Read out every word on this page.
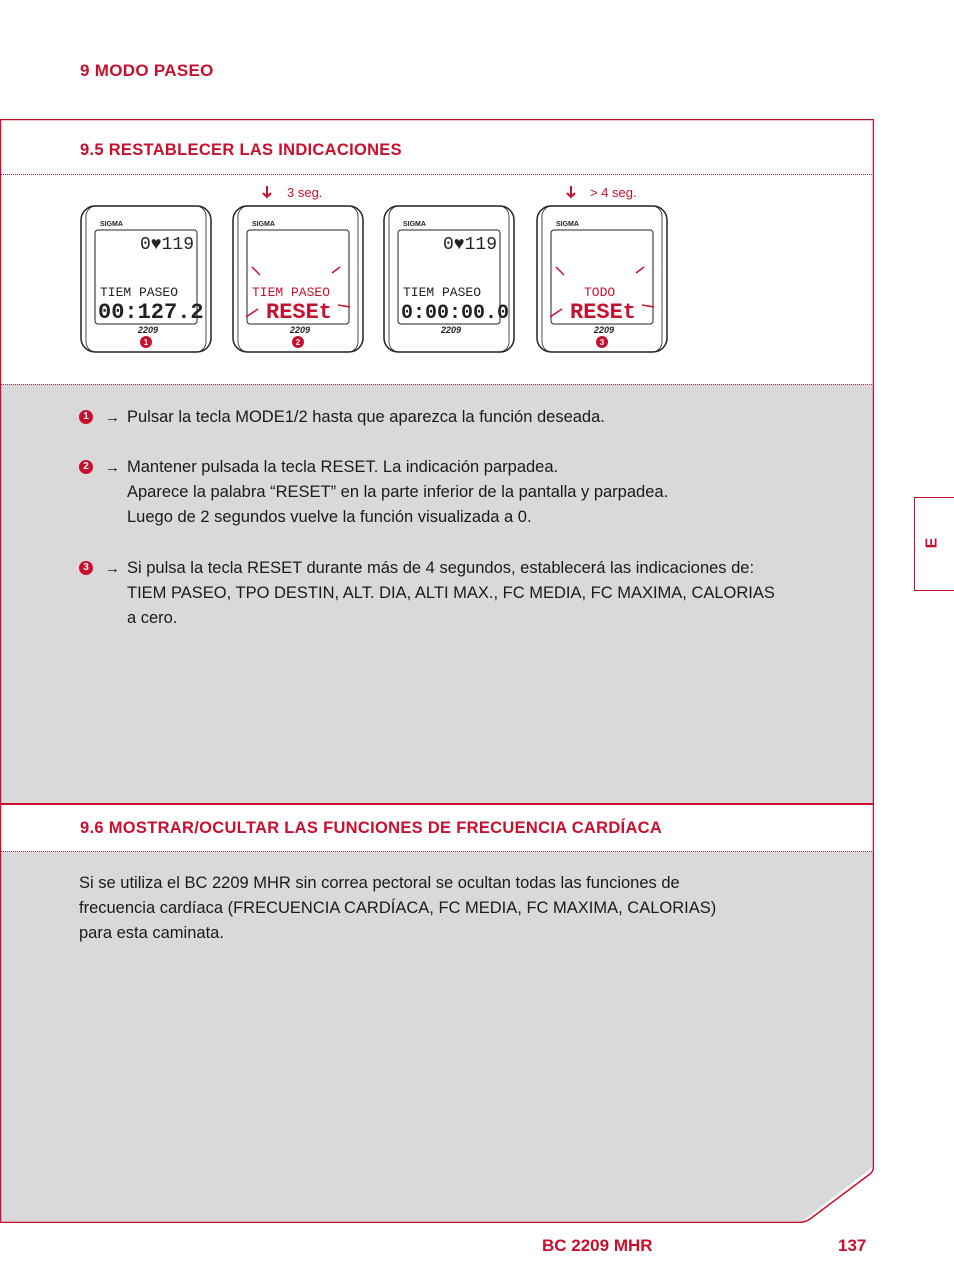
9 MODO PASEO
9.5 RESTABLECER LAS INDICACIONES
3 seg.	> 4 seg.
SIGMA
0♥119
TIEM PASEO
00:127.2
2209
1
SIGMA
TIEM PASEO
RESEt
2209
2
SIGMA
0♥119
TIEM PASEO
0:00:00.0
2209
SIGMA
TODO
RESEt
2209
3
1 → Pulsar la tecla MODE1/2 hasta que aparezca la función deseada.
2 → Mantener pulsada la tecla RESET. La indicación parpadea.
Aparece la palabra “RESET” en la parte inferior de la pantalla y parpadea.
Luego de 2 segundos vuelve la función visualizada a 0.
3 → Si pulsa la tecla RESET durante más de 4 segundos, establecerá las indicaciones de:
TIEM PASEO, TPO DESTIN, ALT. DIA, ALTI MAX., FC MEDIA, FC MAXIMA, CALORIAS
a cero.
9.6 MOSTRAR/OCULTAR LAS FUNCIONES DE FRECUENCIA CARDÍACA
Si se utiliza el BC 2209 MHR sin correa pectoral se ocultan todas las funciones de
frecuencia cardíaca (FRECUENCIA CARDÍACA, FC MEDIA, FC MAXIMA, CALORIAS)
para esta caminata.
E
BC 2209 MHR	137
